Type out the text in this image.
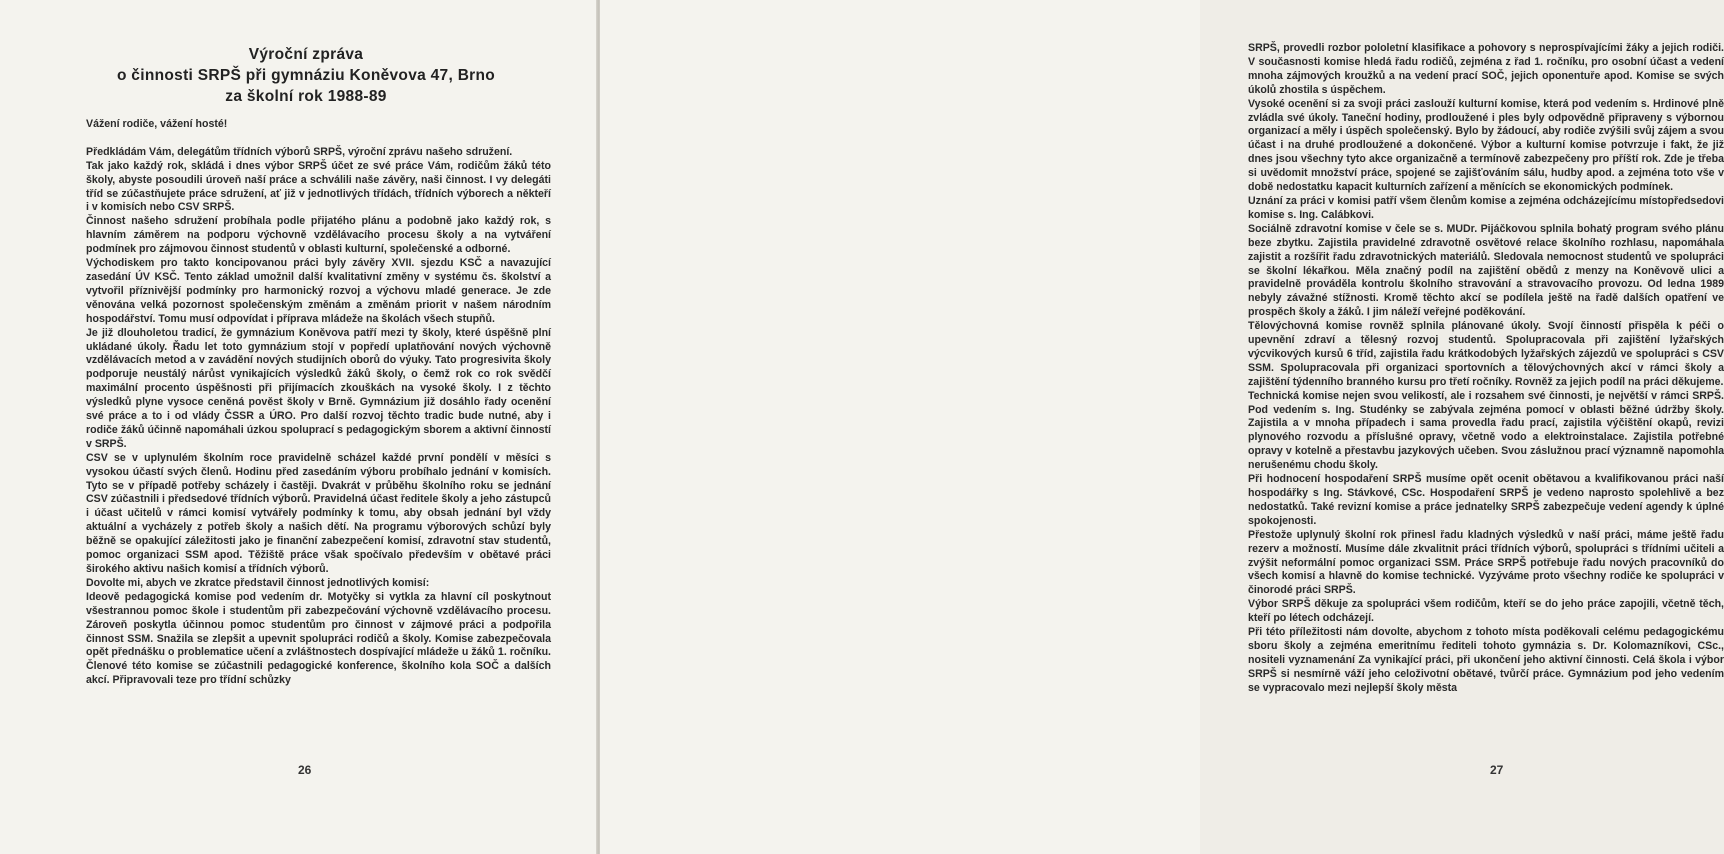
Výroční zpráva
o činnosti SRPŠ při gymnáziu Koněvova 47, Brno
za školní rok 1988-89
Vážení rodiče, vážení hosté!

Předkládám Vám, delegátům třídních výborů SRPŠ, výroční zprávu našeho sdružení.
Tak jako každý rok, skládá i dnes výbor SRPŠ účet ze své práce Vám, rodičům žáků této školy, abyste posoudili úroveň naší práce a schválili naše závěry, naši činnost. I vy delegáti tříd se zúčastňujete práce sdružení, ať již v jednotlivých třídách, třídních výborech a někteří i v komisích nebo CSV SRPŠ.
Činnost našeho sdružení probíhala podle přijatého plánu a podobně jako každý rok, s hlavním záměrem na podporu výchovně vzdělávacího procesu školy a na vytváření podmínek pro zájmovou činnost studentů v oblasti kulturní, společenské a odborné.
Východiskem pro takto koncipovanou práci byly závěry XVII. sjezdu KSČ a navazující zasedání ÚV KSČ. Tento základ umožnil další kvalitativní změny v systému čs. školství a vytvořil příznivější podmínky pro harmonický rozvoj a výchovu mladé generace. Je zde věnována velká pozornost společenským změnám a změnám priorit v našem národním hospodářství. Tomu musí odpovídat i příprava mládeže na školách všech stupňů.
Je již dlouholetou tradicí, že gymnázium Koněvova patří mezi ty školy, které úspěšně plní ukládané úkoly. Řadu let toto gymnázium stojí v popředí uplatňování nových výchovně vzdělávacích metod a v zavádění nových studijních oborů do výuky. Tato progresivita školy podporuje neustálý nárůst vynikajících výsledků žáků školy, o čemž rok co rok svědčí maximální procento úspěšnosti při přijímacích zkouškách na vysoké školy. I z těchto výsledků plyne vysoce ceněná pověst školy v Brně. Gymnázium již dosáhlo řady ocenění své práce a to i od vlády ČSSR a ÚRO. Pro další rozvoj těchto tradic bude nutné, aby i rodiče žáků účinně napomáhali úzkou spoluprací s pedagogickým sborem a aktivní činností v SRPŠ.
CSV se v uplynulém školním roce pravidelně scházel každé první pondělí v měsíci s vysokou účastí svých členů. Hodinu před zasedáním výboru probíhalo jednání v komisích. Tyto se v případě potřeby scházely i častěji. Dvakrát v průběhu školního roku se jednání CSV zúčastnili i předsedové třídních výborů. Pravidelná účast ředitele školy a jeho zástupců i účast učitelů v rámci komisí vytvářely podmínky k tomu, aby obsah jednání byl vždy aktuální a vycházely z potřeb školy a našich dětí. Na programu výborových schůzí byly běžně se opakující záležitosti jako je finanční zabezpečení komisí, zdravotní stav studentů, pomoc organizaci SSM apod. Těžiště práce však spočívalo především v obětavé práci širokého aktivu našich komisí a třídních výborů.
Dovolte mi, abych ve zkratce představil činnost jednotlivých komisí:
Ideově pedagogická komise pod vedením dr. Motyčky si vytkla za hlavní cíl poskytnout všestrannou pomoc škole i studentům při zabezpečování výchovně vzdělávacího procesu. Zároveň poskytla účinnou pomoc studentům pro činnost v zájmové práci a podpořila činnost SSM. Snažila se zlepšit a upevnit spolupráci rodičů a školy. Komise zabezpečovala opět přednášku o problematice učení a zvláštnostech dospívající mládeže u žáků 1. ročníku. Členové této komise se zúčastnili pedagogické konference, školního kola SOČ a dalších akcí. Připravovali teze pro třídní schůzky
26
SRPŠ, provedli rozbor pololetní klasifikace a pohovory s neprospívajícími žáky a jejich rodiči. V současnosti komise hledá řadu rodičů, zejména z řad 1. ročníku, pro osobní účast a vedení mnoha zájmových kroužků a na vedení prací SOČ, jejich oponentuře apod. Komise se svých úkolů zhostila s úspěchem.
Vysoké ocenění si za svoji práci zaslouží kulturní komise, která pod vedením s. Hrdinové plně zvládla své úkoly. Taneční hodiny, prodloužené i ples byly odpovědně připraveny s výbornou organizací a měly i úspěch společenský. Bylo by žádoucí, aby rodiče zvýšili svůj zájem a svou účast i na druhé prodloužené a dokončené. Výbor a kulturní komise potvrzuje i fakt, že již dnes jsou všechny tyto akce organizačně a termínově zabezpečeny pro příští rok. Zde je třeba si uvědomit množství práce, spojené se zajišťováním sálu, hudby apod. a zejména toto vše v době nedostatku kapacit kulturních zařízení a měnících se ekonomických podmínek.
Uznání za práci v komisi patří všem členům komise a zejména odcházejícímu místopředsedovi komise s. Ing. Calábkovi.
Sociálně zdravotní komise v čele se s. MUDr. Pijáčkovou splnila bohatý program svého plánu beze zbytku. Zajistila pravidelné zdravotně osvětové relace školního rozhlasu, napomáhala zajistit a rozšířit řadu zdravotnických materiálů. Sledovala nemocnost studentů ve spolupráci se školní lékařkou. Měla značný podíl na zajištění obědů z menzy na Koněvově ulici a pravidelně prováděla kontrolu školního stravování a stravovacího provozu. Od ledna 1989 nebyly závažné stížnosti. Kromě těchto akcí se podílela ještě na řadě dalších opatření ve prospěch školy a žáků. I jim náleží veřejné poděkování.
Tělovýchovná komise rovněž splnila plánované úkoly. Svojí činností přispěla k péči o upevnění zdraví a tělesný rozvoj studentů. Spolupracovala při zajištění lyžařských výcvikových kursů 6 tříd, zajistila řadu krátkodobých lyžařských zájezdů ve spolupráci s CSV SSM. Spolupracovala při organizaci sportovních a tělovýchovných akcí v rámci školy a zajištění týdenního branného kursu pro třetí ročníky. Rovněž za jejich podíl na práci děkujeme.
Technická komise nejen svou velikostí, ale i rozsahem své činnosti, je největší v rámci SRPŠ. Pod vedením s. Ing. Studénky se zabývala zejména pomocí v oblasti běžné údržby školy. Zajistila a v mnoha případech i sama provedla řadu prací, zajistila výčištění okapů, revizi plynového rozvodu a příslušné opravy, včetně vodo a elektroinstalace. Zajistila potřebné opravy v kotelně a přestavbu jazykových učeben. Svou záslužnou prací významně napomohla nerušenému chodu školy.
Při hodnocení hospodaření SRPŠ musíme opět ocenit obětavou a kvalifikovanou práci naší hospodářky s Ing. Stávkové, CSc. Hospodaření SRPŠ je vedeno naprosto spolehlivě a bez nedostatků. Také revizní komise a práce jednatelky SRPŠ zabezpečuje vedení agendy k úplné spokojenosti.
Přestože uplynulý školní rok přinesl řadu kladných výsledků v naší práci, máme ještě řadu rezerv a možností. Musíme dále zkvalitnit práci třídních výborů, spolupráci s třídními učiteli a zvýšit neformální pomoc organizaci SSM. Práce SRPŠ potřebuje řadu nových pracovníků do všech komisí a hlavně do komise technické. Vyzýváme proto všechny rodiče ke spolupráci v činorodé práci SRPŠ.
Výbor SRPŠ děkuje za spolupráci všem rodičům, kteří se do jeho práce zapojili, včetně těch, kteří po létech odcházejí.
Při této příležitosti nám dovolte, abychom z tohoto místa poděkovali celému pedagogickému sboru školy a zejména emeritnímu řediteli tohoto gymnázia s. Dr. Kolomazníkovi, CSc., nositeli vyznamenání Za vynikající práci, při ukončení jeho aktivní činnosti. Celá škola i výbor SRPŠ si nesmírně váží jeho celoživotní obětavé, tvůrčí práce. Gymnázium pod jeho vedením se vypracovalo mezi nejlepší školy města
27
